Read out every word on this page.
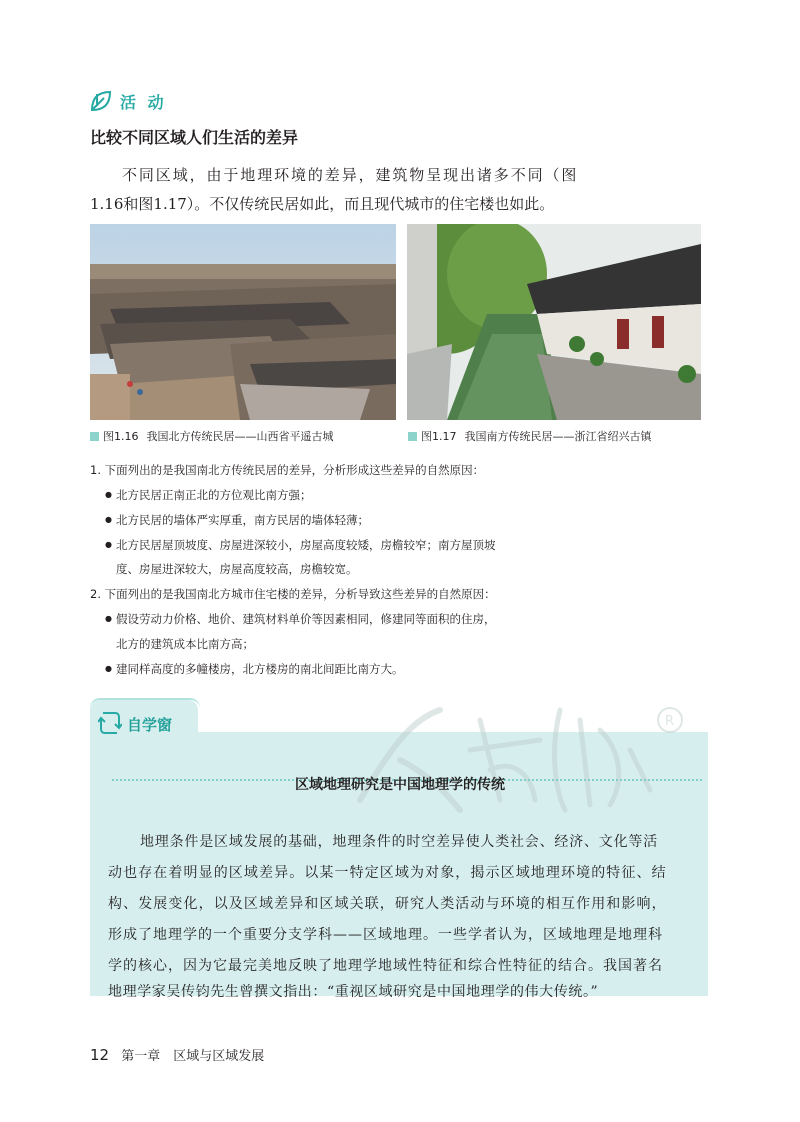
活 动
比较不同区域人们生活的差异
不同区域，由于地理环境的差异，建筑物呈现出诸多不同（图
1.16和图1.17）。不仅传统民居如此，而且现代城市的住宅楼也如此。
图1.16 我国北方传统民居——山西省平遥古城	图1.17 我国南方传统民居——浙江省绍兴古镇
1. 下面列出的是我国南北方传统民居的差异，分析形成这些差异的自然原因：
● 北方民居正南正北的方位观比南方强；
● 北方民居的墙体严实厚重，南方民居的墙体轻薄；
● 北方民居屋顶坡度、房屋进深较小，房屋高度较矮，房檐较窄；南方屋顶坡
度、房屋进深较大，房屋高度较高，房檐较宽。
2. 下面列出的是我国南北方城市住宅楼的差异，分析导致这些差异的自然原因：
● 假设劳动力价格、地价、建筑材料单价等因素相同，修建同等面积的住房，
北方的建筑成本比南方高；
● 建同样高度的多幢楼房，北方楼房的南北间距比南方大。
R
自学窗
区域地理研究是中国地理学的传统
地理条件是区域发展的基础，地理条件的时空差异使人类社会、经济、文化等活
动也存在着明显的区域差异。以某一特定区域为对象，揭示区域地理环境的特征、结
构、发展变化，以及区域差异和区域关联，研究人类活动与环境的相互作用和影响，
形成了地理学的一个重要分支学科——区域地理。一些学者认为，区域地理是地理科
学的核心，因为它最完美地反映了地理学地域性特征和综合性特征的结合。我国著名
地理学家吴传钧先生曾撰文指出：“重视区域研究是中国地理学的伟大传统。”
12 第一章　区域与区域发展
